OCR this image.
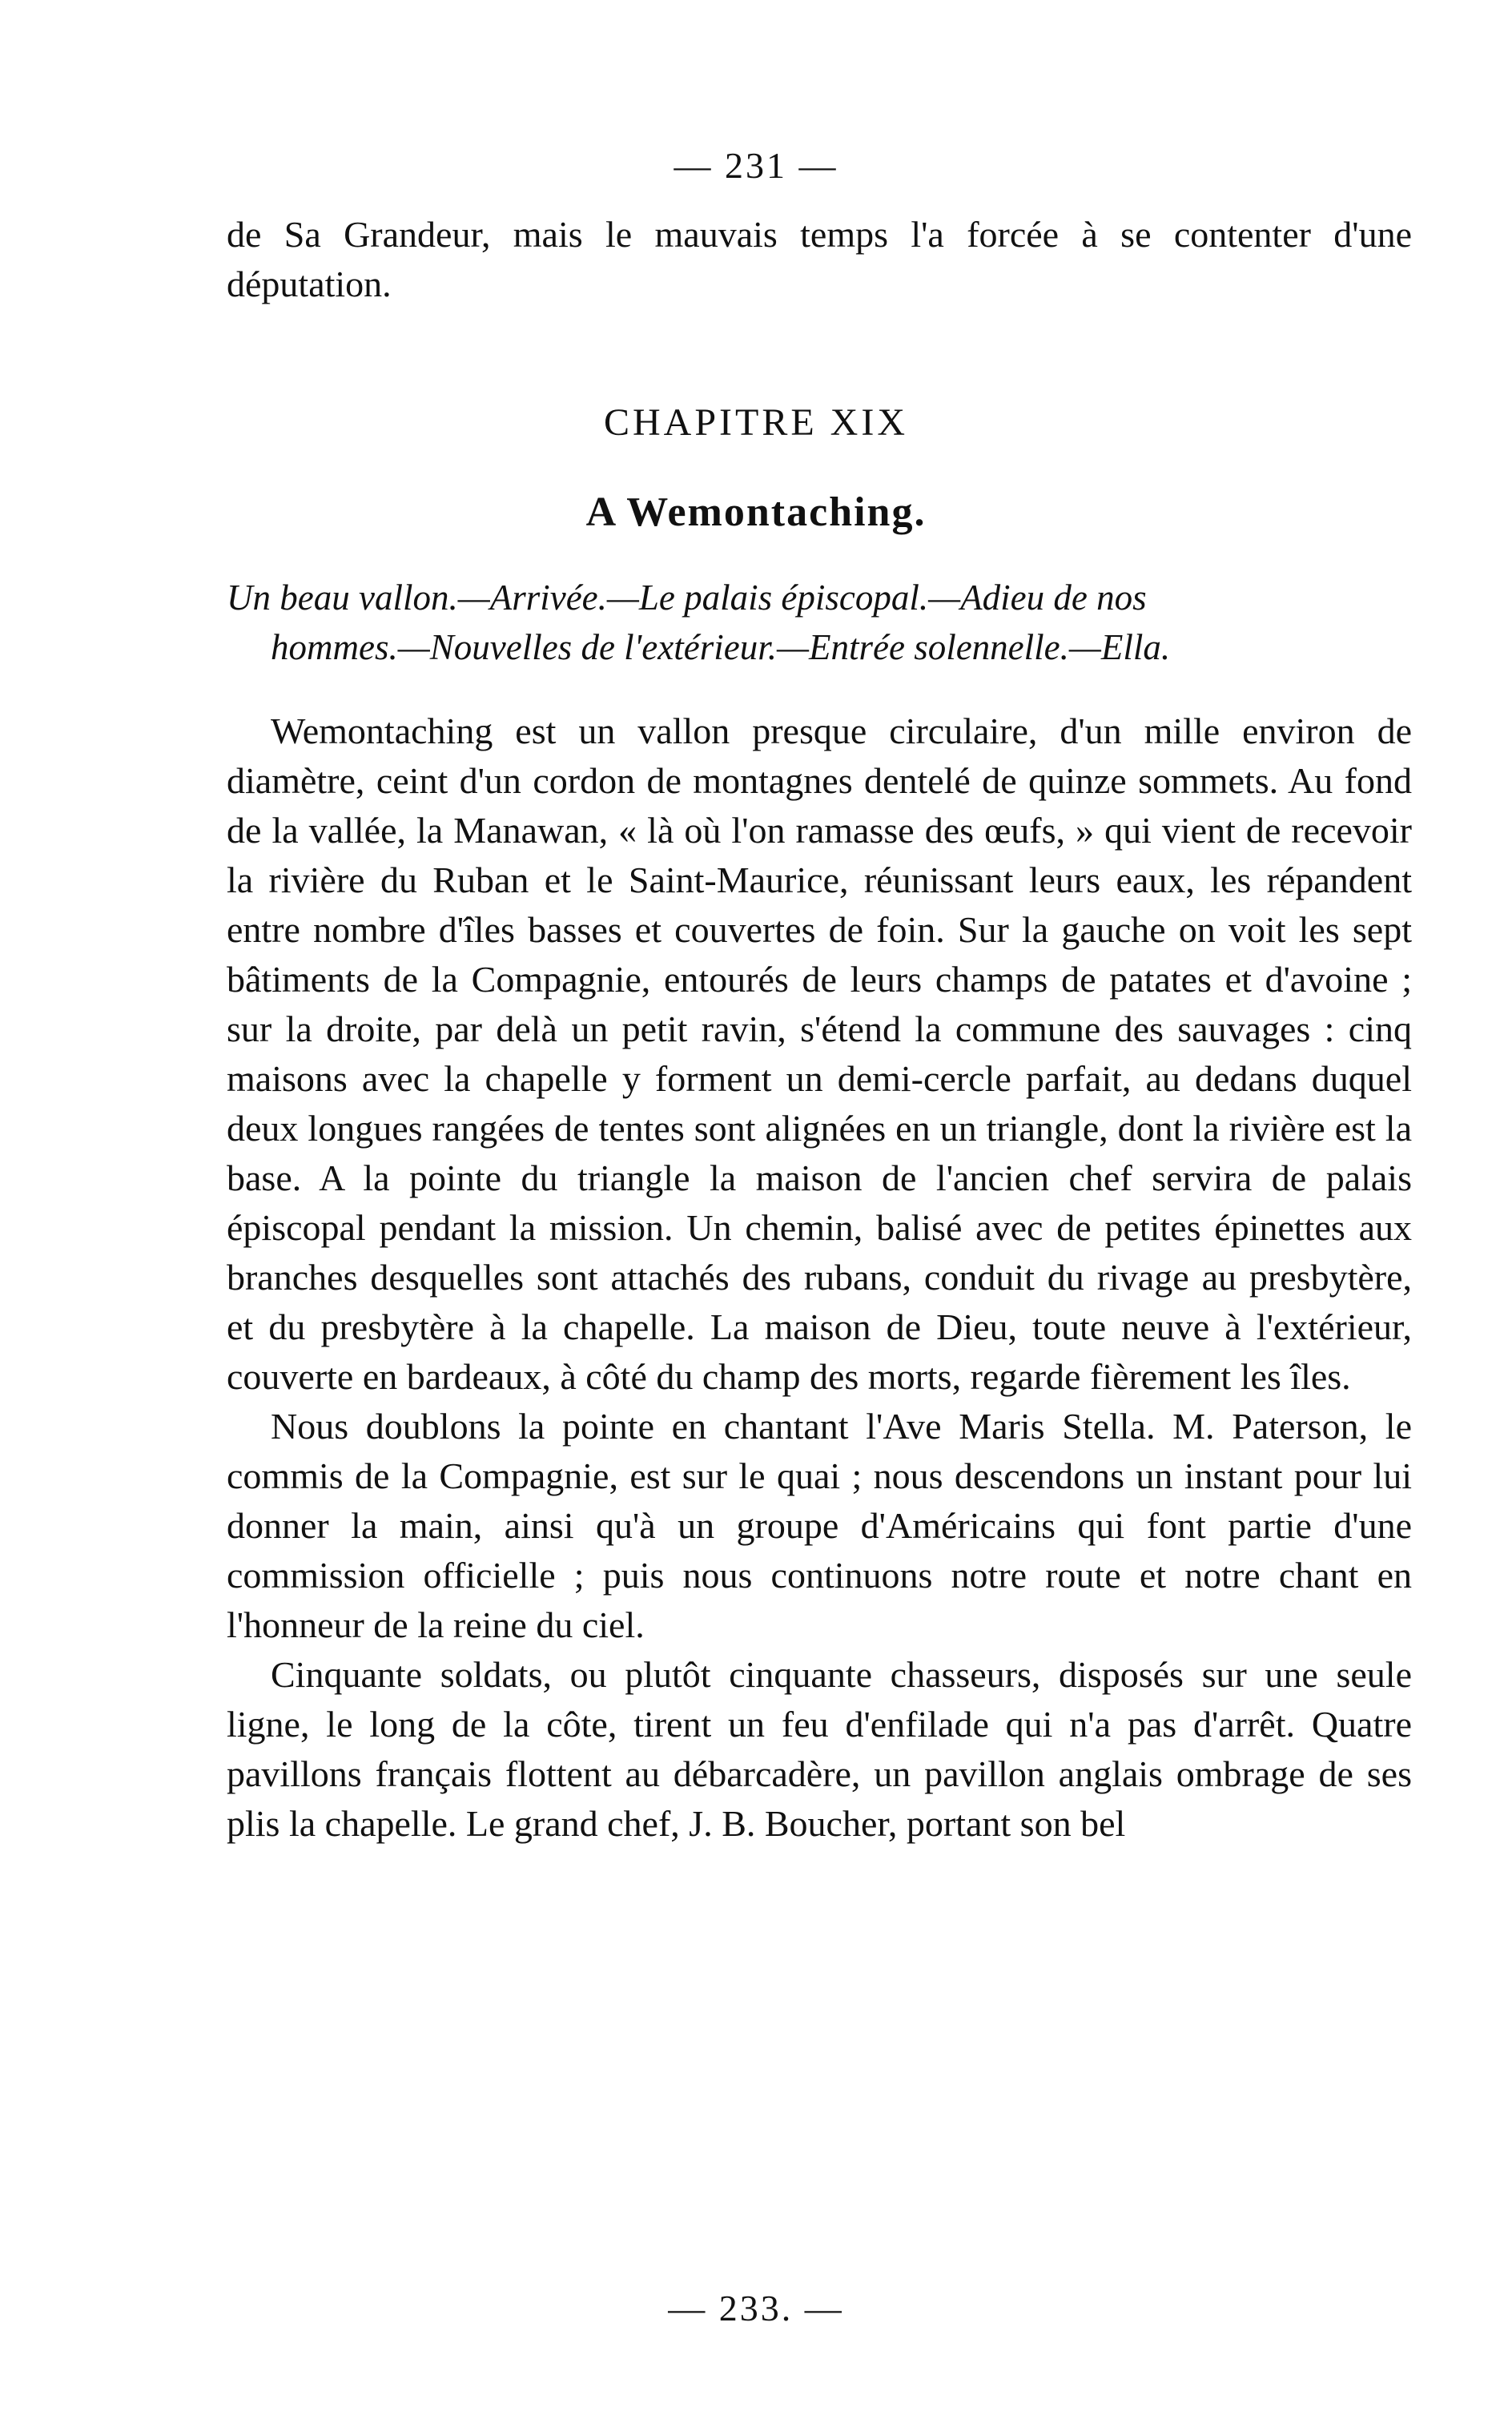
— 231 —

de Sa Grandeur, mais le mauvais temps l'a forcée à se contenter d'une députation.

CHAPITRE XIX
A Wemontaching.
Un beau vallon.—Arrivée.—Le palais épiscopal.—Adieu de nos
hommes.—Nouvelles de l'extérieur.—Entrée solennelle.—Ella.

Wemontaching est un vallon presque circulaire, d'un mille environ de diamètre, ceint d'un cordon de montagnes dentelé de quinze sommets. Au fond de la vallée, la Manawan, « là où l'on ramasse des œufs, » qui vient de recevoir la rivière du Ruban et le Saint-Maurice, réunissant leurs eaux, les répandent entre nombre d'îles basses et couvertes de foin. Sur la gauche on voit les sept bâtiments de la Compagnie, entourés de leurs champs de patates et d'avoine ; sur la droite, par delà un petit ravin, s'étend la commune des sauvages : cinq maisons avec la chapelle y forment un demi-cercle parfait, au dedans duquel deux longues rangées de tentes sont alignées en un triangle, dont la rivière est la base. A la pointe du triangle la maison de l'ancien chef servira de palais épiscopal pendant la mission. Un chemin, balisé avec de petites épinettes aux branches desquelles sont attachés des rubans, conduit du rivage au presbytère, et du presbytère à la chapelle. La maison de Dieu, toute neuve à l'extérieur, couverte en bardeaux, à côté du champ des morts, regarde fièrement les îles.

Nous doublons la pointe en chantant l'Ave Maris Stella. M. Paterson, le commis de la Compagnie, est sur le quai ; nous descendons un instant pour lui donner la main, ainsi qu'à un groupe d'Américains qui font partie d'une commission officielle ; puis nous continuons notre route et notre chant en l'honneur de la reine du ciel.

Cinquante soldats, ou plutôt cinquante chasseurs, disposés sur une seule ligne, le long de la côte, tirent un feu d'enfilade qui n'a pas d'arrêt. Quatre pavillons français flottent au débarcadère, un pavillon anglais ombrage de ses plis la chapelle. Le grand chef, J. B. Boucher, portant son bel

— 233. —
